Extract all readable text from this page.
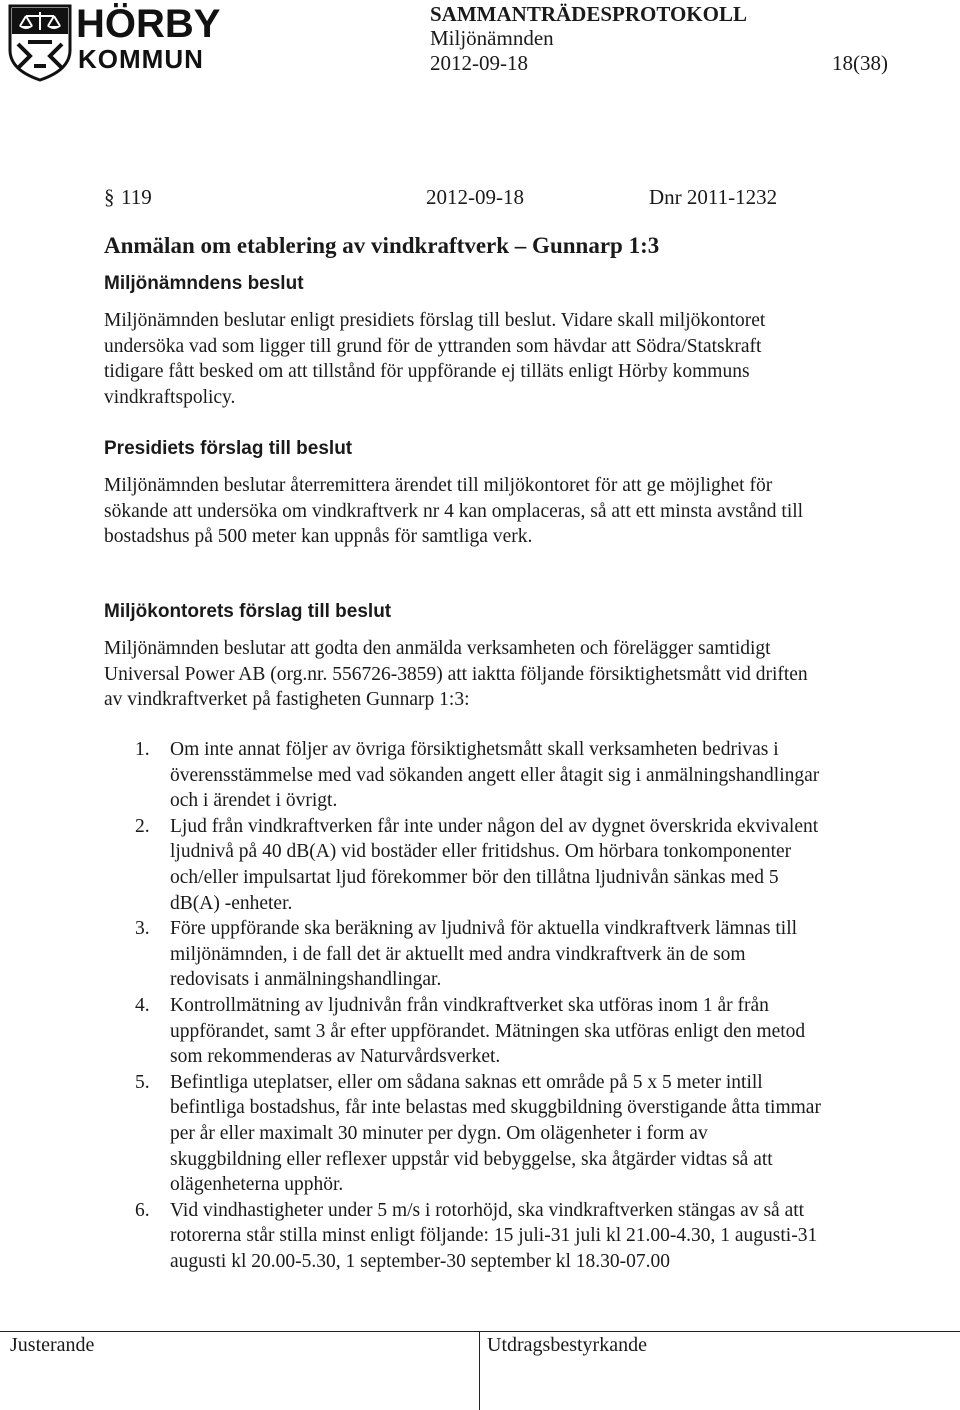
HÖRBY
KOMMUN
SAMMANTRÄDESPROTOKOLL
Miljönämnden
2012-09-18	18(38)
§ 119	2012-09-18	Dnr 2011-1232
Anmälan om etablering av vindkraftverk – Gunnarp 1:3
Miljönämndens beslut

Miljönämnden beslutar enligt presidiets förslag till beslut. Vidare skall miljökontoret undersöka vad som ligger till grund för de yttranden som hävdar att Södra/Statskraft tidigare fått besked om att tillstånd för uppförande ej tilläts enligt Hörby kommuns vindkraftspolicy.

Presidiets förslag till beslut

Miljönämnden beslutar återremittera ärendet till miljökontoret för att ge möjlighet för sökande att undersöka om vindkraftverk nr 4 kan omplaceras, så att ett minsta avstånd till bostadshus på 500 meter kan uppnås för samtliga verk.

Miljökontorets förslag till beslut

Miljönämnden beslutar att godta den anmälda verksamheten och förelägger samtidigt Universal Power AB (org.nr. 556726-3859) att iaktta följande försiktighetsmått vid driften av vindkraftverket på fastigheten Gunnarp 1:3:

1. Om inte annat följer av övriga försiktighetsmått skall verksamheten bedrivas i överensstämmelse med vad sökanden angett eller åtagit sig i anmälningshandlingar och i ärendet i övrigt.
2. Ljud från vindkraftverken får inte under någon del av dygnet överskrida ekvivalent ljudnivå på 40 dB(A) vid bostäder eller fritidshus. Om hörbara tonkomponenter och/eller impulsartat ljud förekommer bör den tillåtna ljudnivån sänkas med 5 dB(A) -enheter.
3. Före uppförande ska beräkning av ljudnivå för aktuella vindkraftverk lämnas till miljönämnden, i de fall det är aktuellt med andra vindkraftverk än de som redovisats i anmälningshandlingar.
4. Kontrollmätning av ljudnivån från vindkraftverket ska utföras inom 1 år från uppförandet, samt 3 år efter uppförandet. Mätningen ska utföras enligt den metod som rekommenderas av Naturvårdsverket.
5. Befintliga uteplatser, eller om sådana saknas ett område på 5 x 5 meter intill befintliga bostadshus, får inte belastas med skuggbildning överstigande åtta timmar per år eller maximalt 30 minuter per dygn. Om olägenheter i form av skuggbildning eller reflexer uppstår vid bebyggelse, ska åtgärder vidtas så att olägenheterna upphör.
6. Vid vindhastigheter under 5 m/s i rotorhöjd, ska vindkraftverken stängas av så att rotorerna står stilla minst enligt följande: 15 juli-31 juli kl 21.00-4.30, 1 augusti-31 augusti kl 20.00-5.30, 1 september-30 september kl 18.30-07.00
Justerande	Utdragsbestyrkande
